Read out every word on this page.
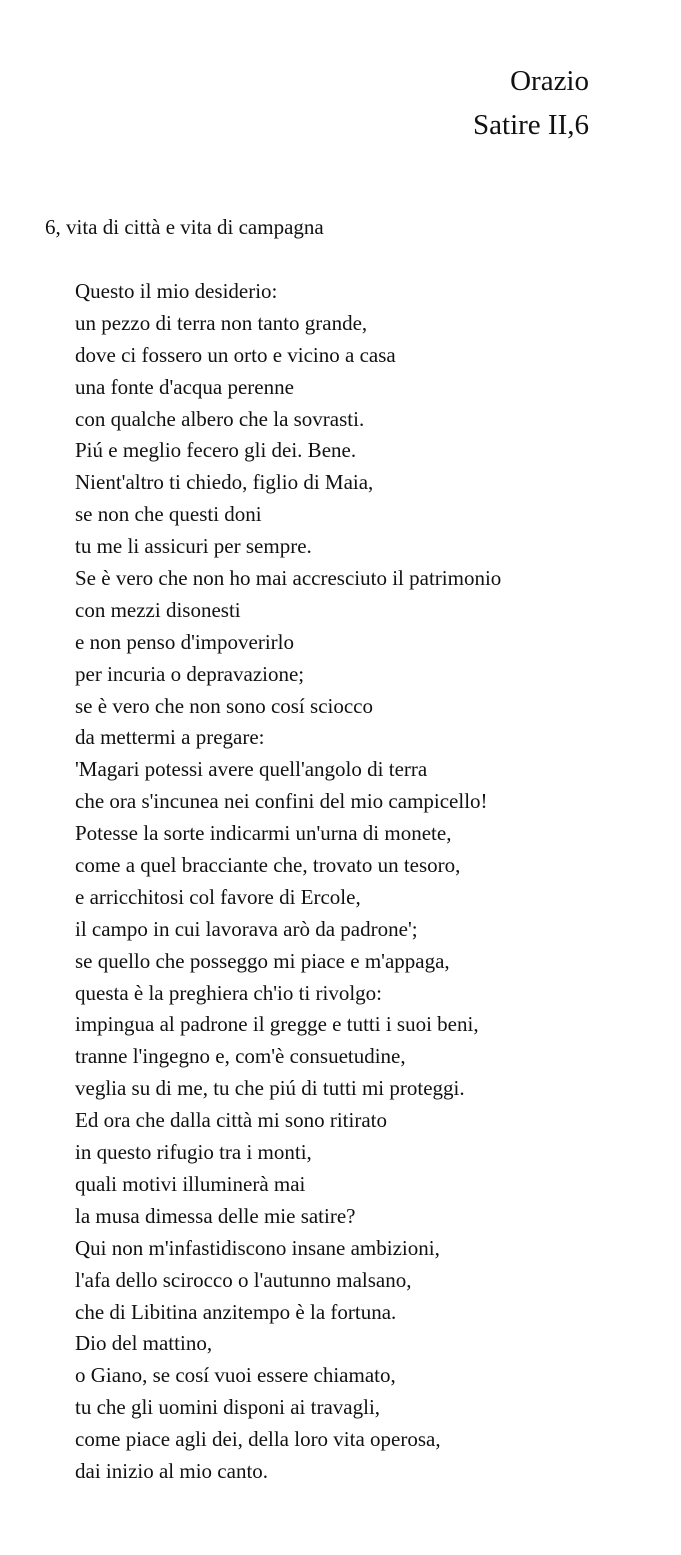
Orazio
Satire II,6
6, vita di città e vita di campagna
Questo il mio desiderio:
un pezzo di terra non tanto grande,
dove ci fossero un orto e vicino a casa
una fonte d'acqua perenne
con qualche albero che la sovrasti.
Piú e meglio fecero gli dei. Bene.
Nient'altro ti chiedo, figlio di Maia,
se non che questi doni
tu me li assicuri per sempre.
Se è vero che non ho mai accresciuto il patrimonio
con mezzi disonesti
e non penso d'impoverirlo
per incuria o depravazione;
se è vero che non sono cosí sciocco
da mettermi a pregare:
'Magari potessi avere quell'angolo di terra
che ora s'incunea nei confini del mio campicello!
Potesse la sorte indicarmi un'urna di monete,
come a quel bracciante che, trovato un tesoro,
e arricchitosi col favore di Ercole,
il campo in cui lavorava arò da padrone';
se quello che posseggo mi piace e m'appaga,
questa è la preghiera ch'io ti rivolgo:
impingua al padrone il gregge e tutti i suoi beni,
tranne l'ingegno e, com'è consuetudine,
veglia su di me, tu che piú di tutti mi proteggi.
Ed ora che dalla città mi sono ritirato
in questo rifugio tra i monti,
quali motivi illuminerà mai
la musa dimessa delle mie satire?
Qui non m'infastidiscono insane ambizioni,
l'afa dello scirocco o l'autunno malsano,
che di Libitina anzitempo è la fortuna.
Dio del mattino,
o Giano, se cosí vuoi essere chiamato,
tu che gli uomini disponi ai travagli,
come piace agli dei, della loro vita operosa,
dai inizio al mio canto.
